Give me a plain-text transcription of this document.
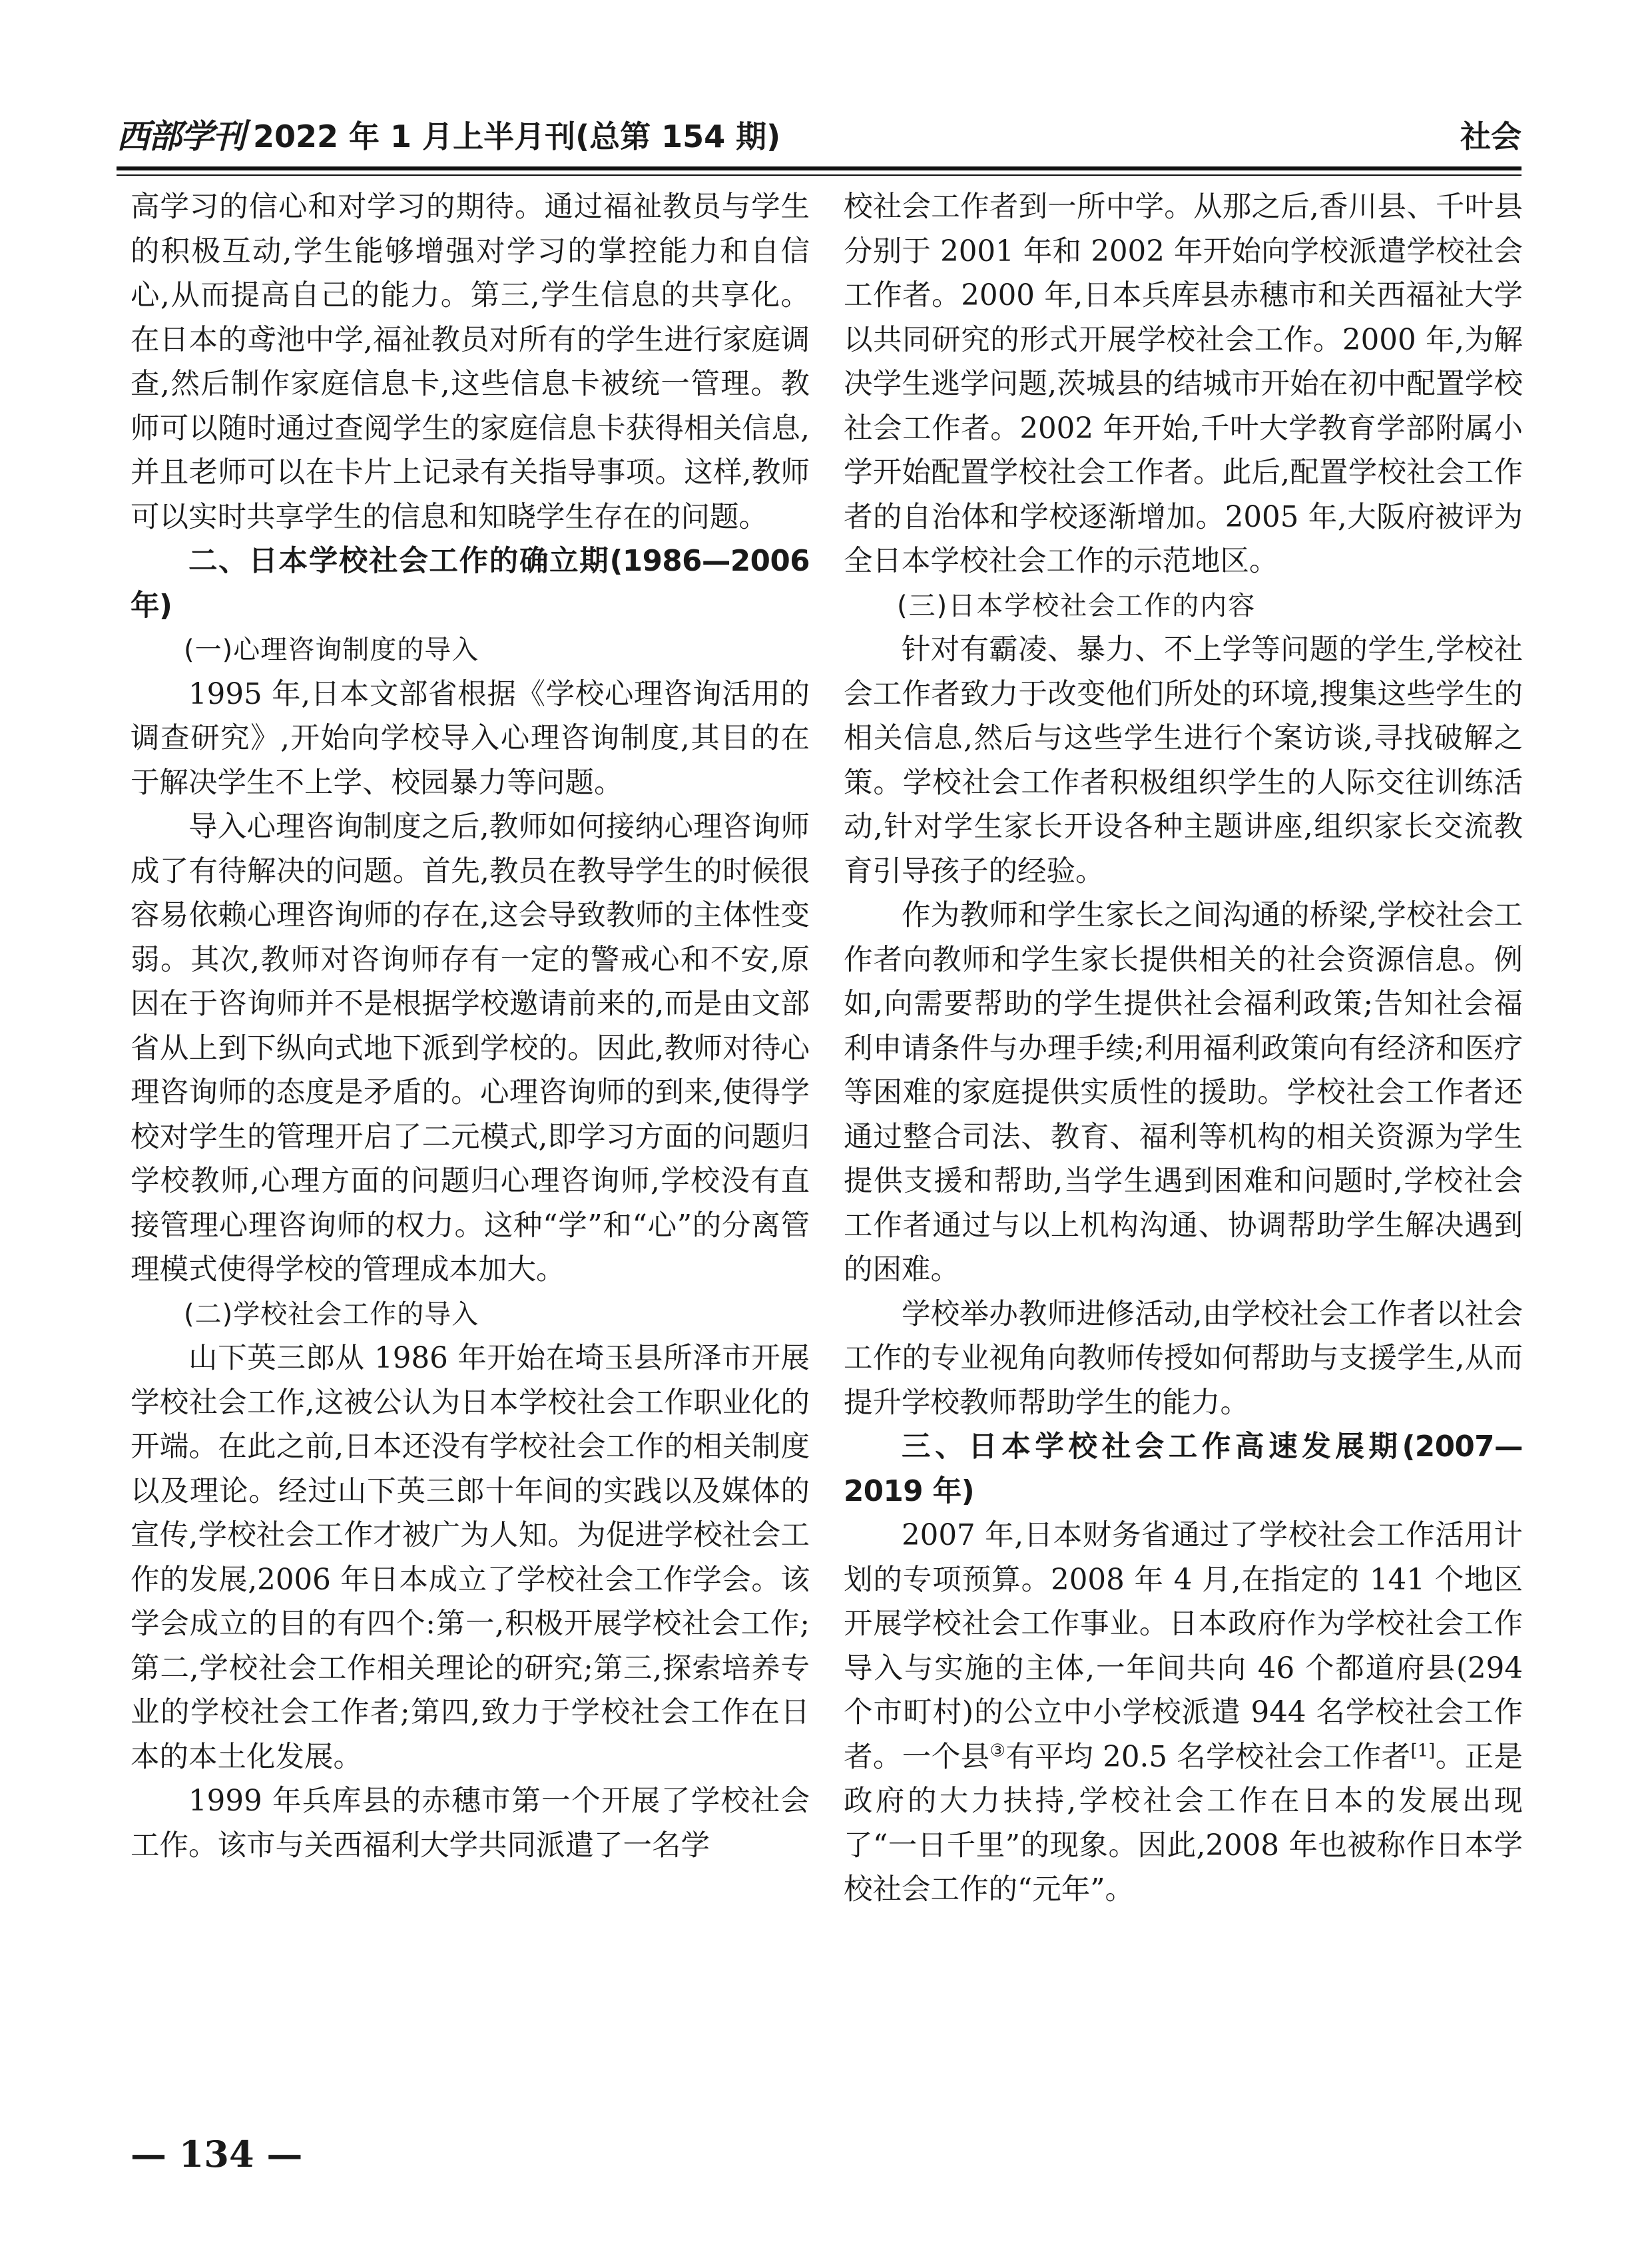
西部学刊 2022 年 1 月上半月刊(总第 154 期)	社会

高学习的信心和对学习的期待。通过福祉教员与学生的积极互动,学生能够增强对学习的掌控能力和自信心,从而提高自己的能力。第三,学生信息的共享化。在日本的鸢池中学,福祉教员对所有的学生进行家庭调查,然后制作家庭信息卡,这些信息卡被统一管理。教师可以随时通过查阅学生的家庭信息卡获得相关信息,并且老师可以在卡片上记录有关指导事项。这样,教师可以实时共享学生的信息和知晓学生存在的问题。

二、日本学校社会工作的确立期(1986—2006 年)
(一)心理咨询制度的导入

1995 年,日本文部省根据《学校心理咨询活用的调查研究》,开始向学校导入心理咨询制度,其目的在于解决学生不上学、校园暴力等问题。

导入心理咨询制度之后,教师如何接纳心理咨询师成了有待解决的问题。首先,教员在教导学生的时候很容易依赖心理咨询师的存在,这会导致教师的主体性变弱。其次,教师对咨询师存有一定的警戒心和不安,原因在于咨询师并不是根据学校邀请前来的,而是由文部省从上到下纵向式地下派到学校的。因此,教师对待心理咨询师的态度是矛盾的。心理咨询师的到来,使得学校对学生的管理开启了二元模式,即学习方面的问题归学校教师,心理方面的问题归心理咨询师,学校没有直接管理心理咨询师的权力。这种“学”和“心”的分离管理模式使得学校的管理成本加大。

(二)学校社会工作的导入

山下英三郎从 1986 年开始在埼玉县所泽市开展学校社会工作,这被公认为日本学校社会工作职业化的开端。在此之前,日本还没有学校社会工作的相关制度以及理论。经过山下英三郎十年间的实践以及媒体的宣传,学校社会工作才被广为人知。为促进学校社会工作的发展,2006 年日本成立了学校社会工作学会。该学会成立的目的有四个:第一,积极开展学校社会工作;第二,学校社会工作相关理论的研究;第三,探索培养专业的学校社会工作者;第四,致力于学校社会工作在日本的本土化发展。

1999 年兵库县的赤穗市第一个开展了学校社会工作。该市与关西福利大学共同派遣了一名学

校社会工作者到一所中学。从那之后,香川县、千叶县分别于 2001 年和 2002 年开始向学校派遣学校社会工作者。2000 年,日本兵库县赤穗市和关西福祉大学以共同研究的形式开展学校社会工作。2000 年,为解决学生逃学问题,茨城县的结城市开始在初中配置学校社会工作者。2002 年开始,千叶大学教育学部附属小学开始配置学校社会工作者。此后,配置学校社会工作者的自治体和学校逐渐增加。2005 年,大阪府被评为全日本学校社会工作的示范地区。

(三)日本学校社会工作的内容

针对有霸凌、暴力、不上学等问题的学生,学校社会工作者致力于改变他们所处的环境,搜集这些学生的相关信息,然后与这些学生进行个案访谈,寻找破解之策。学校社会工作者积极组织学生的人际交往训练活动,针对学生家长开设各种主题讲座,组织家长交流教育引导孩子的经验。

作为教师和学生家长之间沟通的桥梁,学校社会工作者向教师和学生家长提供相关的社会资源信息。例如,向需要帮助的学生提供社会福利政策;告知社会福利申请条件与办理手续;利用福利政策向有经济和医疗等困难的家庭提供实质性的援助。学校社会工作者还通过整合司法、教育、福利等机构的相关资源为学生提供支援和帮助,当学生遇到困难和问题时,学校社会工作者通过与以上机构沟通、协调帮助学生解决遇到的困难。

学校举办教师进修活动,由学校社会工作者以社会工作的专业视角向教师传授如何帮助与支援学生,从而提升学校教师帮助学生的能力。

三、日本学校社会工作高速发展期(2007—2019 年)

2007 年,日本财务省通过了学校社会工作活用计划的专项预算。2008 年 4 月,在指定的 141 个地区开展学校社会工作事业。日本政府作为学校社会工作导入与实施的主体,一年间共向 46 个都道府县(294 个市町村)的公立中小学校派遣 944 名学校社会工作者。一个县③有平均 20.5 名学校社会工作者[1]。正是政府的大力扶持,学校社会工作在日本的发展出现了“一日千里”的现象。因此,2008 年也被称作日本学校社会工作的“元年”。

— 134 —
